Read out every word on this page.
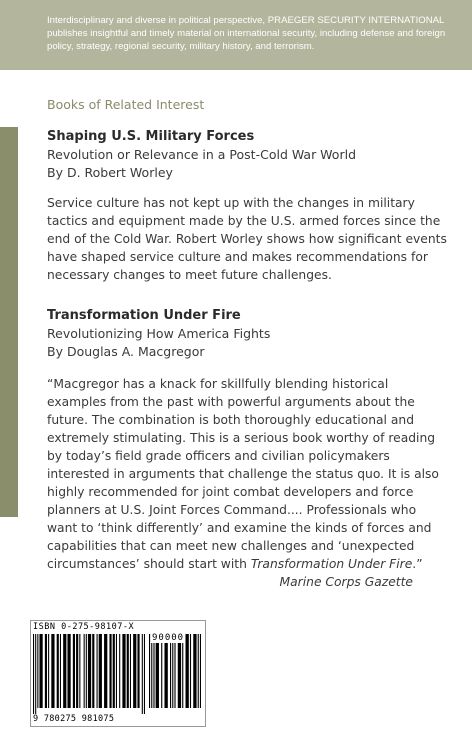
Interdisciplinary and diverse in political perspective, PRAEGER SECURITY INTERNATIONAL publishes insightful and timely material on international security, including defense and foreign policy, strategy, regional security, military history, and terrorism.
Books of Related Interest
Shaping U.S. Military Forces
Revolution or Relevance in a Post-Cold War World
By D. Robert Worley
Service culture has not kept up with the changes in military tactics and equipment made by the U.S. armed forces since the end of the Cold War. Robert Worley shows how significant events have shaped service culture and makes recommendations for necessary changes to meet future challenges.
Transformation Under Fire
Revolutionizing How America Fights
By Douglas A. Macgregor
“Macgregor has a knack for skillfully blending historical examples from the past with powerful arguments about the future. The combination is both thoroughly educational and extremely stimulating. This is a serious book worthy of reading by today’s field grade officers and civilian policymakers interested in arguments that challenge the status quo. It is also highly recommended for joint combat developers and force planners at U.S. Joint Forces Command.... Professionals who want to ‘think differently’ and examine the kinds of forces and capabilities that can meet new challenges and ‘unexpected circumstances’ should start with Transformation Under Fire.”
Marine Corps Gazette
ISBN 0-275-98107-X
90000
9 780275 981075
